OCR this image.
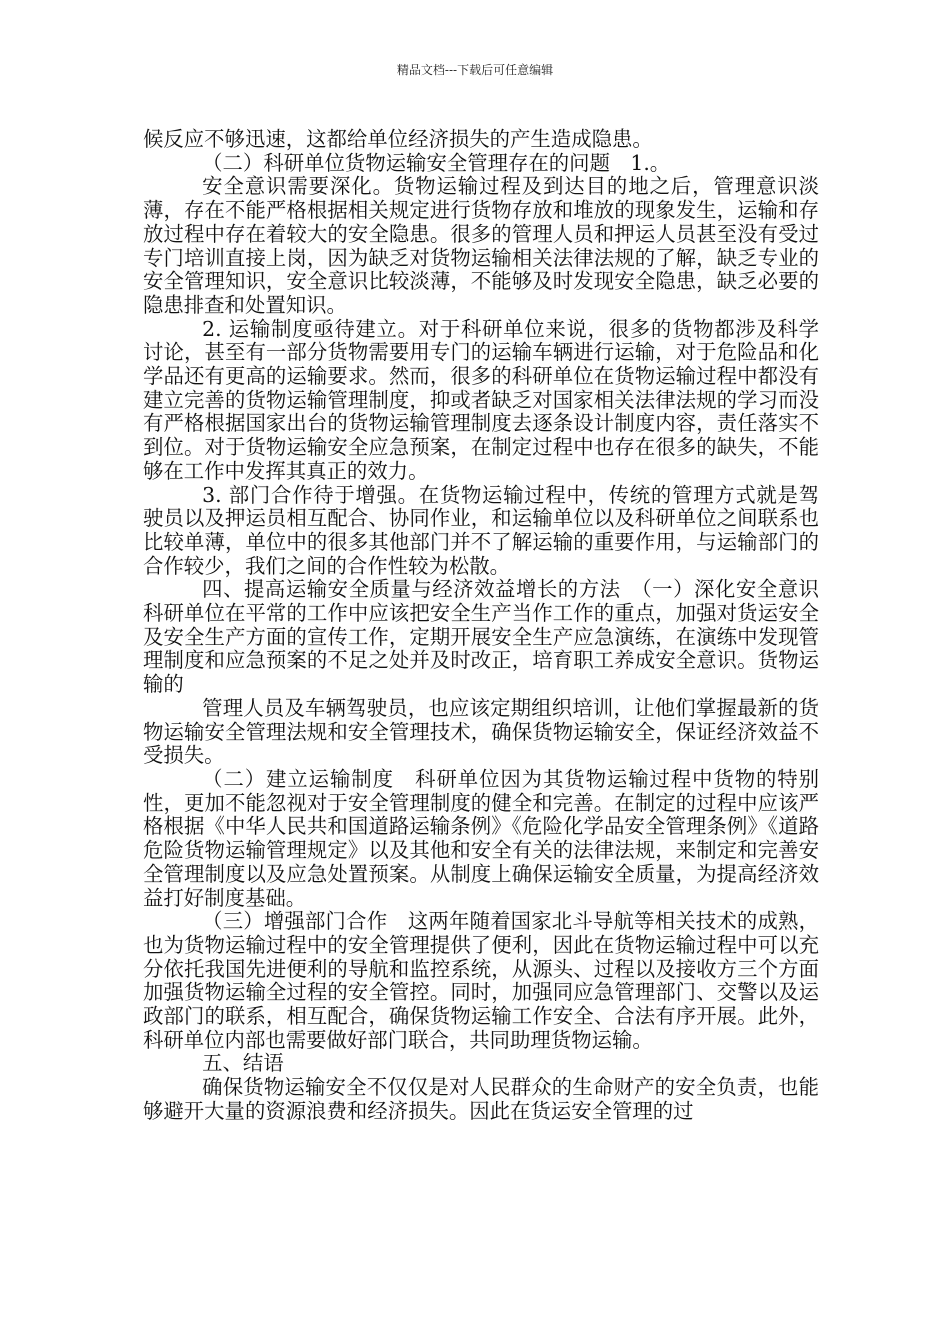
精品文档---下载后可任意编辑

候反应不够迅速，这都给单位经济损失的产生造成隐患。

（二）科研单位货物运输安全管理存在的问题　1.。

安全意识需要深化。货物运输过程及到达目的地之后，管理意识淡薄，存在不能严格根据相关规定进行货物存放和堆放的现象发生，运输和存放过程中存在着较大的安全隐患。很多的管理人员和押运人员甚至没有受过专门培训直接上岗，因为缺乏对货物运输相关法律法规的了解，缺乏专业的安全管理知识，安全意识比较淡薄，不能够及时发现安全隐患，缺乏必要的隐患排查和处置知识。

2. 运输制度亟待建立。对于科研单位来说，很多的货物都涉及科学讨论，甚至有一部分货物需要用专门的运输车辆进行运输，对于危险品和化学品还有更高的运输要求。然而，很多的科研单位在货物运输过程中都没有建立完善的货物运输管理制度，抑或者缺乏对国家相关法律法规的学习而没有严格根据国家出台的货物运输管理制度去逐条设计制度内容，责任落实不到位。对于货物运输安全应急预案，在制定过程中也存在很多的缺失，不能够在工作中发挥其真正的效力。

3. 部门合作待于增强。在货物运输过程中，传统的管理方式就是驾驶员以及押运员相互配合、协同作业，和运输单位以及科研单位之间联系也比较单薄，单位中的很多其他部门并不了解运输的重要作用，与运输部门的合作较少，我们之间的合作性较为松散。

四、提高运输安全质量与经济效益增长的方法　（一）深化安全意识　科研单位在平常的工作中应该把安全生产当作工作的重点，加强对货运安全及安全生产方面的宣传工作，定期开展安全生产应急演练，在演练中发现管理制度和应急预案的不足之处并及时改正，培育职工养成安全意识。货物运输的

管理人员及车辆驾驶员，也应该定期组织培训，让他们掌握最新的货物运输安全管理法规和安全管理技术，确保货物运输安全，保证经济效益不受损失。

（二）建立运输制度　科研单位因为其货物运输过程中货物的特别性，更加不能忽视对于安全管理制度的健全和完善。在制定的过程中应该严格根据《中华人民共和国道路运输条例》《危险化学品安全管理条例》《道路危险货物运输管理规定》以及其他和安全有关的法律法规，来制定和完善安全管理制度以及应急处置预案。从制度上确保运输安全质量，为提高经济效益打好制度基础。

（三）增强部门合作　这两年随着国家北斗导航等相关技术的成熟，也为货物运输过程中的安全管理提供了便利，因此在货物运输过程中可以充分依托我国先进便利的导航和监控系统，从源头、过程以及接收方三个方面加强货物运输全过程的安全管控。同时，加强同应急管理部门、交警以及运政部门的联系，相互配合，确保货物运输工作安全、合法有序开展。此外，科研单位内部也需要做好部门联合，共同助理货物运输。

五、结语

确保货物运输安全不仅仅是对人民群众的生命财产的安全负责，也能够避开大量的资源浪费和经济损失。因此在货运安全管理的过
